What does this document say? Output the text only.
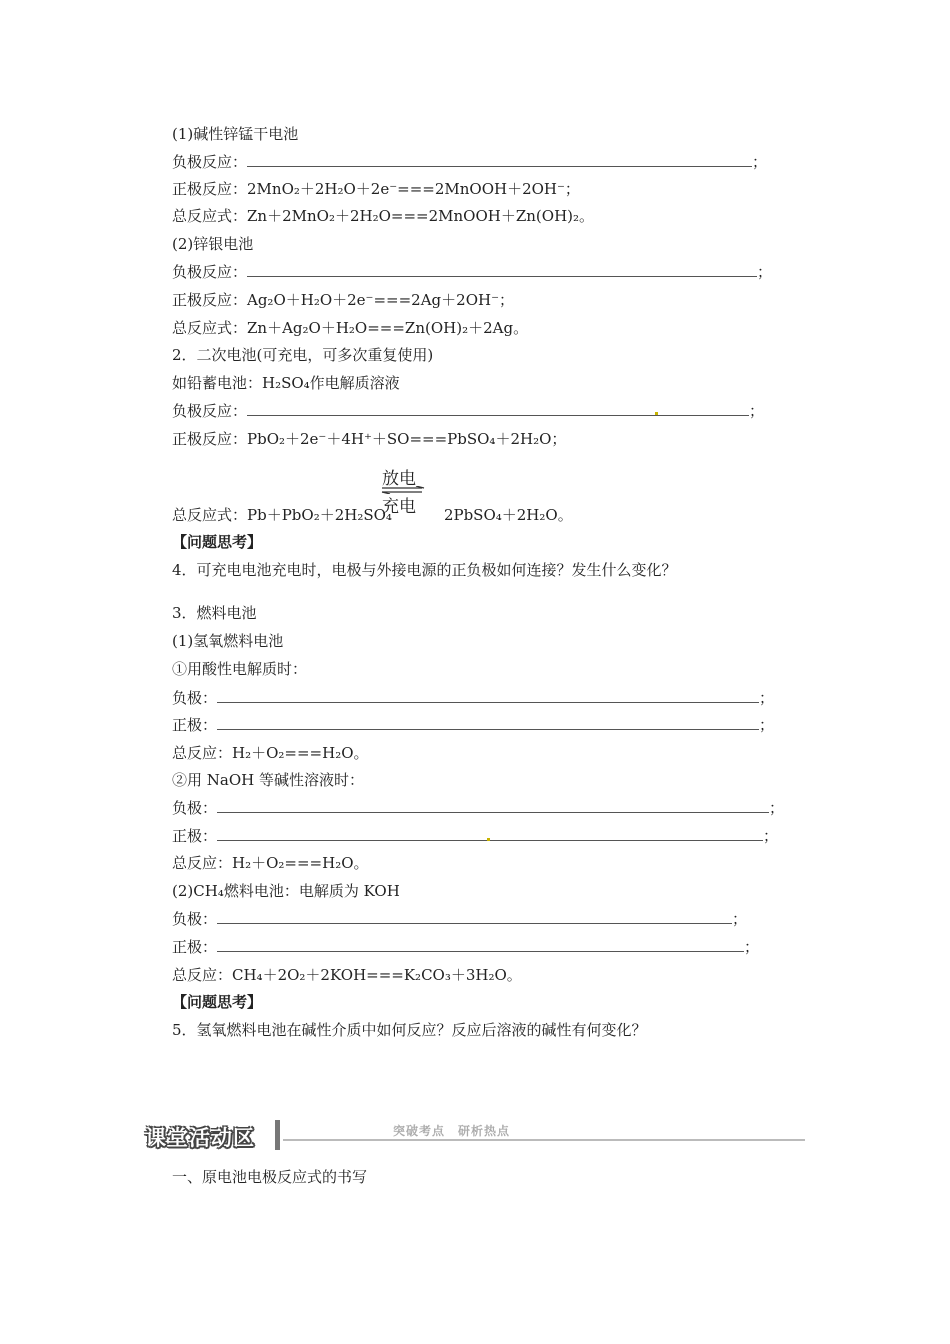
(1)碱性锌锰干电池
负极反应：	；
正极反应：2MnO₂＋2H₂O＋2e⁻===2MnOOH＋2OH⁻；
总反应式：Zn＋2MnO₂＋2H₂O===2MnOOH＋Zn(OH)₂。
(2)锌银电池
负极反应：	；
正极反应：Ag₂O＋H₂O＋2e⁻===2Ag＋2OH⁻；
总反应式：Zn＋Ag₂O＋H₂O===Zn(OH)₂＋2Ag。
2．二次电池(可充电，可多次重复使用)
如铅蓄电池：H₂SO₄作电解质溶液
负极反应：	；
正极反应：PbO₂＋2e⁻＋4H⁺＋SO===PbSO₄＋2H₂O；
放电
充电
总反应式：Pb＋PbO₂＋2H₂SO₄	2PbSO₄＋2H₂O。
【问题思考】
4．可充电电池充电时，电极与外接电源的正负极如何连接？发生什么变化？
3．燃料电池
(1)氢氧燃料电池
①用酸性电解质时：
负极：	；
正极：	；
总反应：H₂＋O₂===H₂O。
②用 NaOH 等碱性溶液时：
负极：	；
正极：	；
总反应：H₂＋O₂===H₂O。
(2)CH₄燃料电池：电解质为 KOH
负极：	；
正极：	；
总反应：CH₄＋2O₂＋2KOH===K₂CO₃＋3H₂O。
【问题思考】
5．氢氧燃料电池在碱性介质中如何反应？反应后溶液的碱性有何变化？
课堂活动区	突破考点　研析热点
一、原电池电极反应式的书写
